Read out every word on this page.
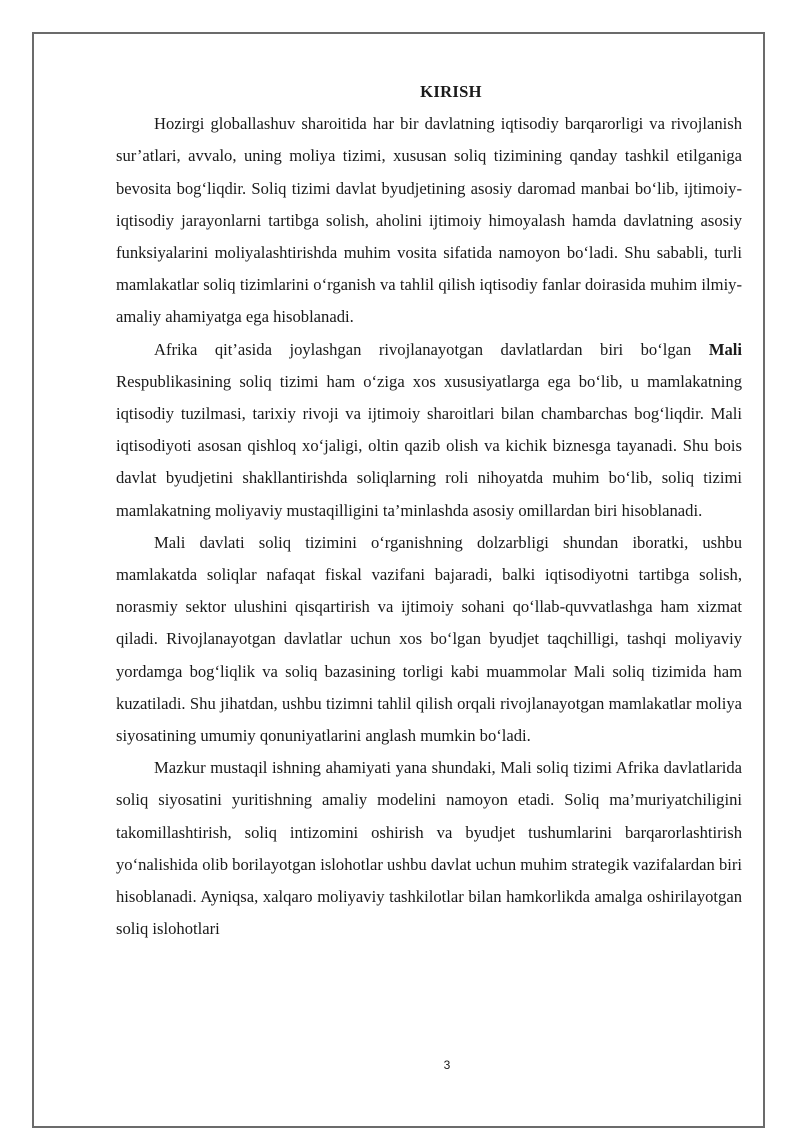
KIRISH

Hozirgi globallashuv sharoitida har bir davlatning iqtisodiy barqarorligi va rivojlanish sur’atlari, avvalo, uning moliya tizimi, xususan soliq tizimining qanday tashkil etilganiga bevosita bog‘liqdir. Soliq tizimi davlat byudjetining asosiy daromad manbai bo‘lib, ijtimoiy-iqtisodiy jarayonlarni tartibga solish, aholini ijtimoiy himoyalash hamda davlatning asosiy funksiyalarini moliyalashtirishda muhim vosita sifatida namoyon bo‘ladi. Shu sababli, turli mamlakatlar soliq tizimlarini o‘rganish va tahlil qilish iqtisodiy fanlar doirasida muhim ilmiy-amaliy ahamiyatga ega hisoblanadi.

Afrika qit’asida joylashgan rivojlanayotgan davlatlardan biri bo‘lgan Mali Respublikasining soliq tizimi ham o‘ziga xos xususiyatlarga ega bo‘lib, u mamlakatning iqtisodiy tuzilmasi, tarixiy rivoji va ijtimoiy sharoitlari bilan chambarchas bog‘liqdir. Mali iqtisodiyoti asosan qishloq xo‘jaligi, oltin qazib olish va kichik biznesga tayanadi. Shu bois davlat byudjetini shakllantirishda soliqlarning roli nihoyatda muhim bo‘lib, soliq tizimi mamlakatning moliyaviy mustaqilligini ta’minlashda asosiy omillardan biri hisoblanadi.

Mali davlati soliq tizimini o‘rganishning dolzarbligi shundan iboratki, ushbu mamlakatda soliqlar nafaqat fiskal vazifani bajaradi, balki iqtisodiyotni tartibga solish, norasmiy sektor ulushini qisqartirish va ijtimoiy sohani qo‘llab-quvvatlashga ham xizmat qiladi. Rivojlanayotgan davlatlar uchun xos bo‘lgan byudjet taqchilligi, tashqi moliyaviy yordamga bog‘liqlik va soliq bazasining torligi kabi muammolar Mali soliq tizimida ham kuzatiladi. Shu jihatdan, ushbu tizimni tahlil qilish orqali rivojlanayotgan mamlakatlar moliya siyosatining umumiy qonuniyatlarini anglash mumkin bo‘ladi.

Mazkur mustaqil ishning ahamiyati yana shundaki, Mali soliq tizimi Afrika davlatlarida soliq siyosatini yuritishning amaliy modelini namoyon etadi. Soliq ma’muriyatchiligini takomillashtirish, soliq intizomini oshirish va byudjet tushumlarini barqarorlashtirish yo‘nalishida olib borilayotgan islohotlar ushbu davlat uchun muhim strategik vazifalardan biri hisoblanadi. Ayniqsa, xalqaro moliyaviy tashkilotlar bilan hamkorlikda amalga oshirilayotgan soliq islohotlari

3
